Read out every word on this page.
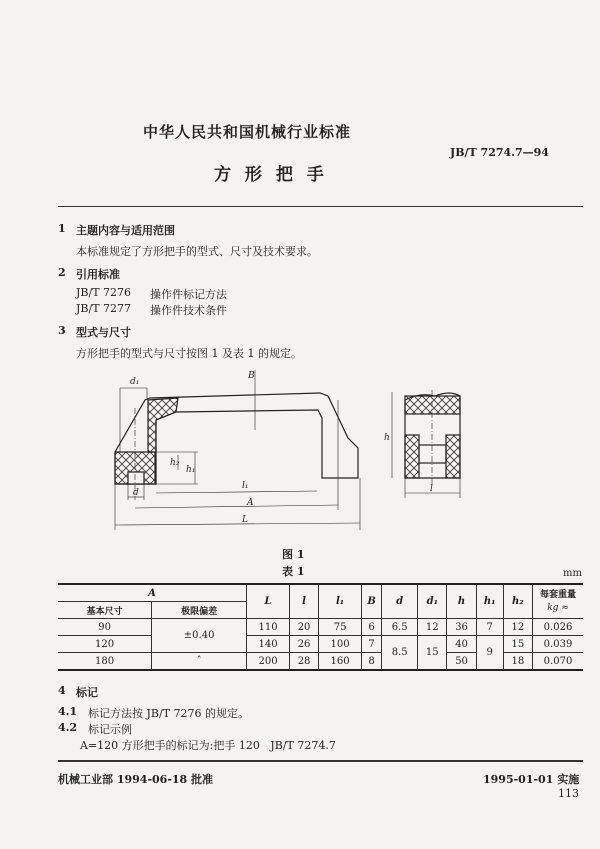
中华人民共和国机械行业标准
JB/T 7274.7—94
方 形 把 手
1 主题内容与适用范围
本标准规定了方形把手的型式、尺寸及技术要求。
2 引用标准
JB/T 7276 操作件标记方法
JB/T 7277 操作件技术条件
3 型式与尺寸
方形把手的型式与尺寸按图 1 及表 1 的规定。
d₁
B
h₂
h₁
l₁
d
A
L
h
l
图 1
表 1	mm
A		L	l	l₁	B	d	d₁	h	h₁	h₂	每套重量
kg ≈

基本尺寸	极限偏差										
90	±0.40	110	20	75	6	6.5	12	36	7	12	0.026
120		140	26	100	7	8.5	15	40	9	15	0.039
180	ˆ	200	28	160	8			50		18	0.070
4 标记
4.1 标记方法按 JB/T 7276 的规定。
4.2 标记示例
A=120 方形把手的标记为:把手 120   JB/T 7274.7
机械工业部 1994-06-18 批准	1995-01-01 实施
113
